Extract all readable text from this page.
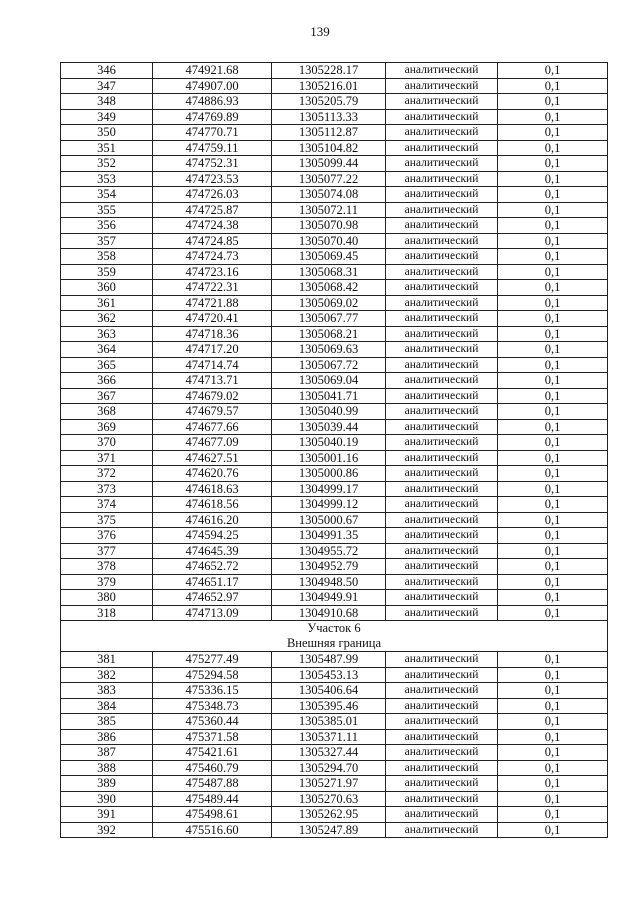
139
346	474921.68	1305228.17	аналитический	0,1
347	474907.00	1305216.01	аналитический	0,1
348	474886.93	1305205.79	аналитический	0,1
349	474769.89	1305113.33	аналитический	0,1
350	474770.71	1305112.87	аналитический	0,1
351	474759.11	1305104.82	аналитический	0,1
352	474752.31	1305099.44	аналитический	0,1
353	474723.53	1305077.22	аналитический	0,1
354	474726.03	1305074.08	аналитический	0,1
355	474725.87	1305072.11	аналитический	0,1
356	474724.38	1305070.98	аналитический	0,1
357	474724.85	1305070.40	аналитический	0,1
358	474724.73	1305069.45	аналитический	0,1
359	474723.16	1305068.31	аналитический	0,1
360	474722.31	1305068.42	аналитический	0,1
361	474721.88	1305069.02	аналитический	0,1
362	474720.41	1305067.77	аналитический	0,1
363	474718.36	1305068.21	аналитический	0,1
364	474717.20	1305069.63	аналитический	0,1
365	474714.74	1305067.72	аналитический	0,1
366	474713.71	1305069.04	аналитический	0,1
367	474679.02	1305041.71	аналитический	0,1
368	474679.57	1305040.99	аналитический	0,1
369	474677.66	1305039.44	аналитический	0,1
370	474677.09	1305040.19	аналитический	0,1
371	474627.51	1305001.16	аналитический	0,1
372	474620.76	1305000.86	аналитический	0,1
373	474618.63	1304999.17	аналитический	0,1
374	474618.56	1304999.12	аналитический	0,1
375	474616.20	1305000.67	аналитический	0,1
376	474594.25	1304991.35	аналитический	0,1
377	474645.39	1304955.72	аналитический	0,1
378	474652.72	1304952.79	аналитический	0,1
379	474651.17	1304948.50	аналитический	0,1
380	474652.97	1304949.91	аналитический	0,1
318	474713.09	1304910.68	аналитический	0,1

Участок 6
Внешняя граница				

381	475277.49	1305487.99	аналитический	0,1
382	475294.58	1305453.13	аналитический	0,1
383	475336.15	1305406.64	аналитический	0,1
384	475348.73	1305395.46	аналитический	0,1
385	475360.44	1305385.01	аналитический	0,1
386	475371.58	1305371.11	аналитический	0,1
387	475421.61	1305327.44	аналитический	0,1
388	475460.79	1305294.70	аналитический	0,1
389	475487.88	1305271.97	аналитический	0,1
390	475489.44	1305270.63	аналитический	0,1
391	475498.61	1305262.95	аналитический	0,1
392	475516.60	1305247.89	аналитический	0,1
